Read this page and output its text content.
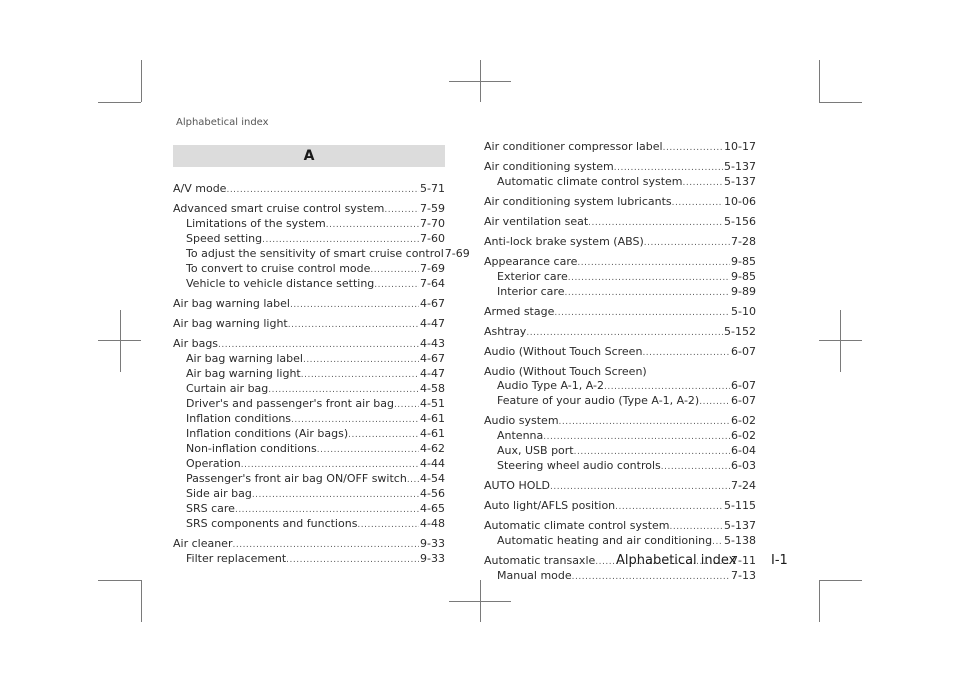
Alphabetical index
A
A/V mode .....	5-71
Advanced smart cruise control system .....	7-59
Limitations of the system .....	7-70
Speed setting .....	7-60
To adjust the sensitivity of smart cruise control 7-69
To convert to cruise control mode .....	7-69
Vehicle to vehicle distance setting .....	7-64
Air bag warning label .....	4-67
Air bag warning light .....	4-47
Air bags .....	4-43
Air bag warning label .....	4-67
Air bag warning light .....	4-47
Curtain air bag .....	4-58
Driver's and passenger's front air bag ..... 4-51
Inflation conditions .....	4-61
Inflation conditions (Air bags) .....	4-61
Non-inflation conditions .....	4-62
Operation .....	4-44
Passenger's front air bag ON/OFF switch ..... 4-54
Side air bag .....	4-56
SRS care .....	4-65
SRS components and functions .....	4-48
Air cleaner .....	9-33
Filter replacement .....	9-33
Air conditioner compressor label .....	10-17
Air conditioning system .....	5-137
Automatic climate control system .....	5-137
Air conditioning system lubricants .....	10-06
Air ventilation seat .....	5-156
Anti-lock brake system (ABS) .....	7-28
Appearance care .....	9-85
Exterior care .....	9-85
Interior care .....	9-89
Armed stage .....	5-10
Ashtray .....	5-152
Audio (Without Touch Screen .....	6-07
Audio (Without Touch Screen)
Audio Type A-1, A-2 .....	6-07
Feature of your audio (Type A-1, A-2) .....	6-07
Audio system .....	6-02
Antenna .....	6-02
Aux, USB port .....	6-04
Steering wheel audio controls .....	6-03
AUTO HOLD .....	7-24
Auto light/AFLS position .....	5-115
Automatic climate control system .....	5-137
Automatic heating and air conditioning ..... 5-138
Automatic transaxle .....	7-11
Manual mode .....	7-13
Alphabetical index	I-1
